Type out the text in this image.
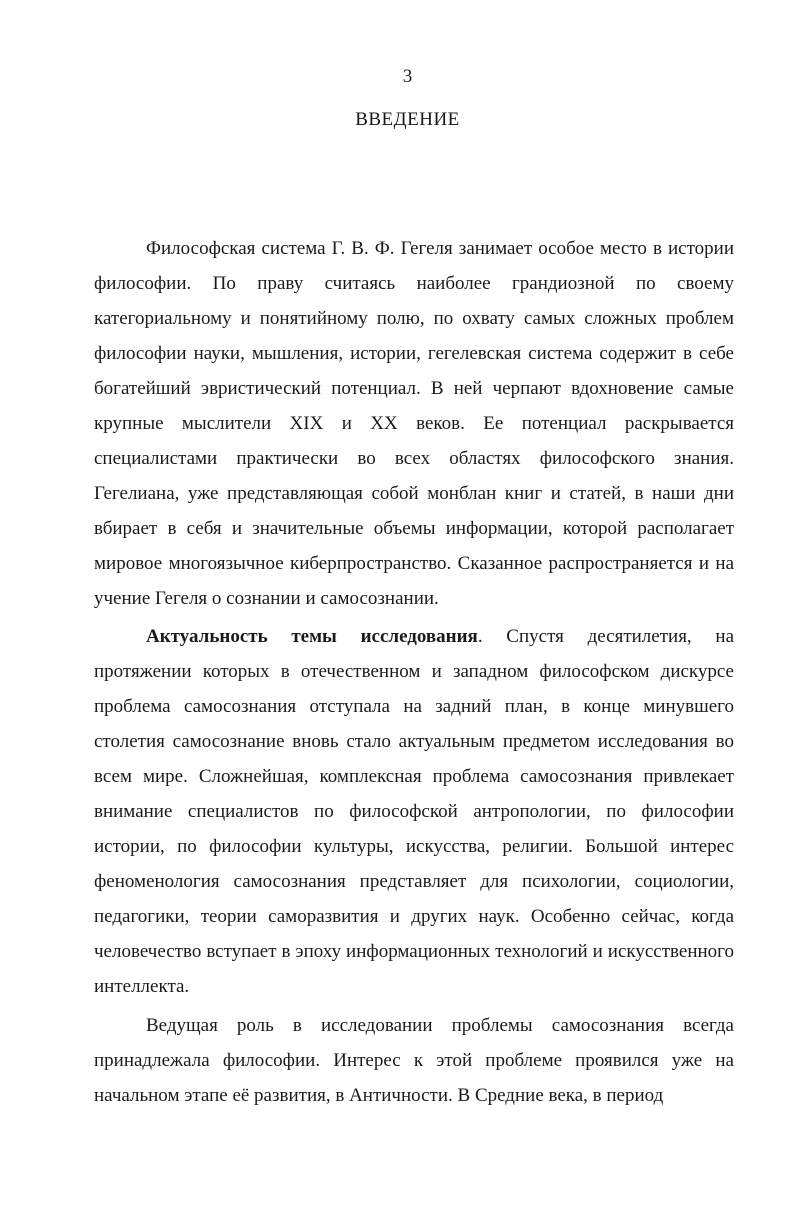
3
ВВЕДЕНИЕ

Философская система Г. В. Ф. Гегеля занимает особое место в истории философии. По праву считаясь наиболее грандиозной по своему категориальному и понятийному полю, по охвату самых сложных проблем философии науки, мышления, истории, гегелевская система содержит в себе богатейший эвристический потенциал. В ней черпают вдохновение самые крупные мыслители XIX и XX веков. Ее потенциал раскрывается специалистами практически во всех областях философского знания. Гегелиана, уже представляющая собой монблан книг и статей, в наши дни вбирает в себя и значительные объемы информации, которой располагает мировое многоязычное киберпространство. Сказанное распространяется и на учение Гегеля о сознании и самосознании.

Актуальность темы исследования. Спустя десятилетия, на протяжении которых в отечественном и западном философском дискурсе проблема самосознания отступала на задний план, в конце минувшего столетия самосознание вновь стало актуальным предметом исследования во всем мире. Сложнейшая, комплексная проблема самосознания привлекает внимание специалистов по философской антропологии, по философии истории, по философии культуры, искусства, религии. Большой интерес феноменология самосознания представляет для психологии, социологии, педагогики, теории саморазвития и других наук. Особенно сейчас, когда человечество вступает в эпоху информационных технологий и искусственного интеллекта.

Ведущая роль в исследовании проблемы самосознания всегда принадлежала философии. Интерес к этой проблеме проявился уже на начальном этапе её развития, в Античности. В Средние века, в период
